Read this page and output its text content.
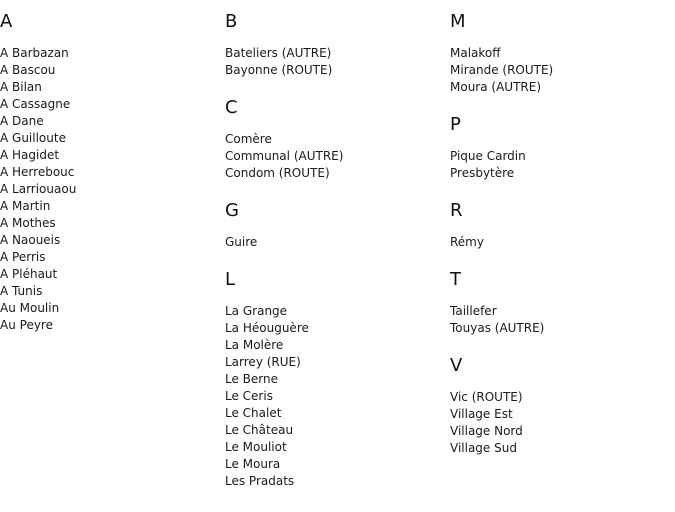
A
A Barbazan
A Bascou
A Bilan
A Cassagne
A Dane
A Guilloute
A Hagidet
A Herrebouc
A Larriouaou
A Martin
A Mothes
A Naoueis
A Perris
A Pléhaut
A Tunis
Au Moulin
Au Peyre
B
Bateliers (AUTRE)
Bayonne (ROUTE)
C
Comère
Communal (AUTRE)
Condom (ROUTE)
G
Guire
L
La Grange
La Héouguère
La Molère
Larrey (RUE)
Le Berne
Le Ceris
Le Chalet
Le Château
Le Mouliot
Le Moura
Les Pradats
M
Malakoff
Mirande (ROUTE)
Moura (AUTRE)
P
Pique Cardin
Presbytère
R
Rémy
T
Taillefer
Touyas (AUTRE)
V
Vic (ROUTE)
Village Est
Village Nord
Village Sud
